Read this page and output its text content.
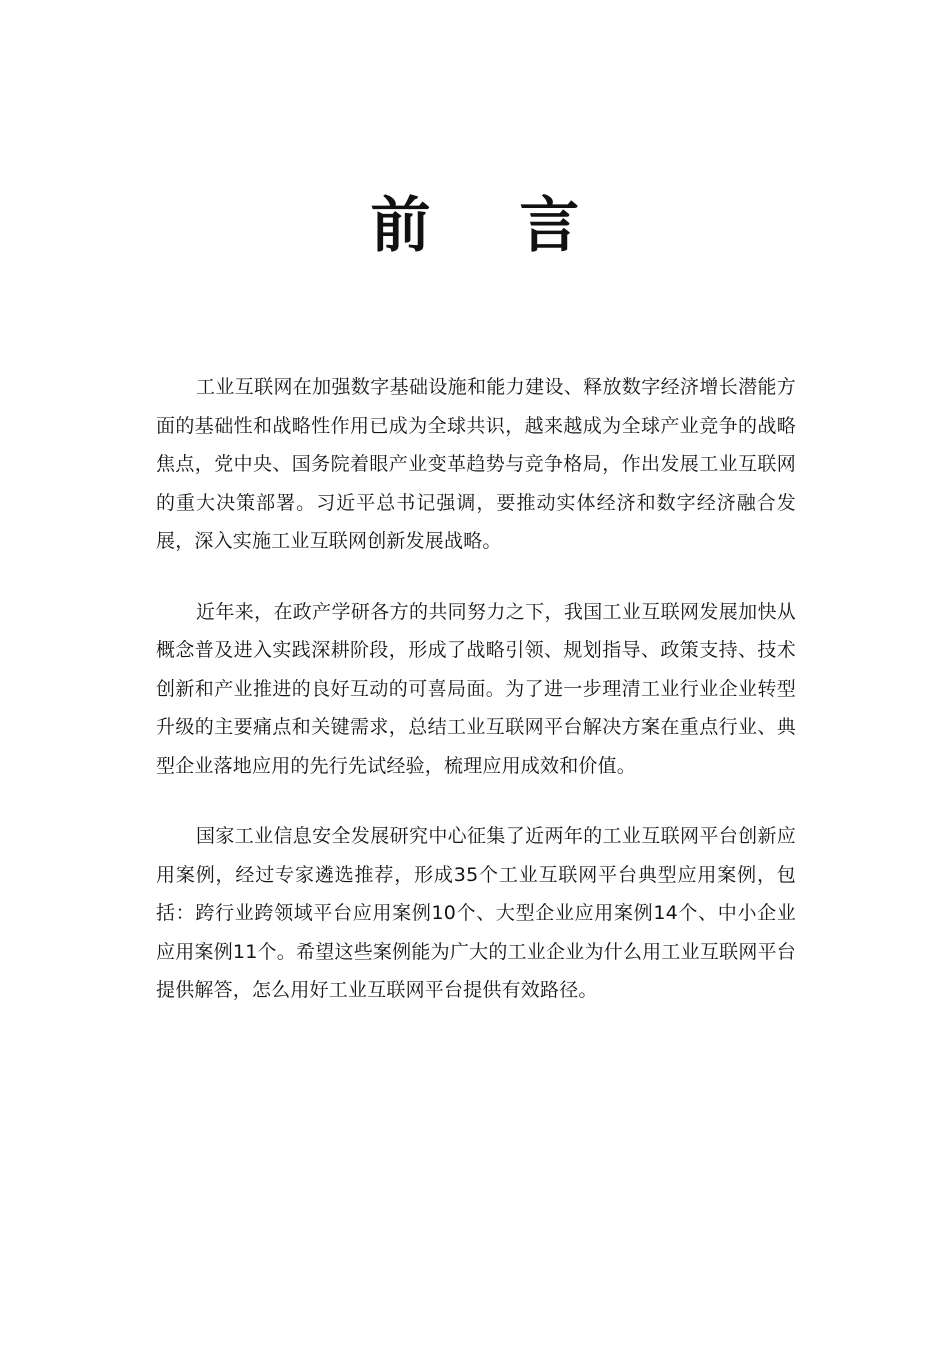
前 言

工业互联网在加强数字基础设施和能力建设、释放数字经济增长潜能方面的基础性和战略性作用已成为全球共识，越来越成为全球产业竞争的战略焦点，党中央、国务院着眼产业变革趋势与竞争格局，作出发展工业互联网的重大决策部署。习近平总书记强调，要推动实体经济和数字经济融合发展，深入实施工业互联网创新发展战略。

近年来，在政产学研各方的共同努力之下，我国工业互联网发展加快从概念普及进入实践深耕阶段，形成了战略引领、规划指导、政策支持、技术创新和产业推进的良好互动的可喜局面。为了进一步理清工业行业企业转型升级的主要痛点和关键需求，总结工业互联网平台解决方案在重点行业、典型企业落地应用的先行先试经验，梳理应用成效和价值。

国家工业信息安全发展研究中心征集了近两年的工业互联网平台创新应用案例，经过专家遴选推荐，形成35个工业互联网平台典型应用案例，包括：跨行业跨领域平台应用案例10个、大型企业应用案例14个、中小企业应用案例11个。希望这些案例能为广大的工业企业为什么用工业互联网平台提供解答，怎么用好工业互联网平台提供有效路径。
